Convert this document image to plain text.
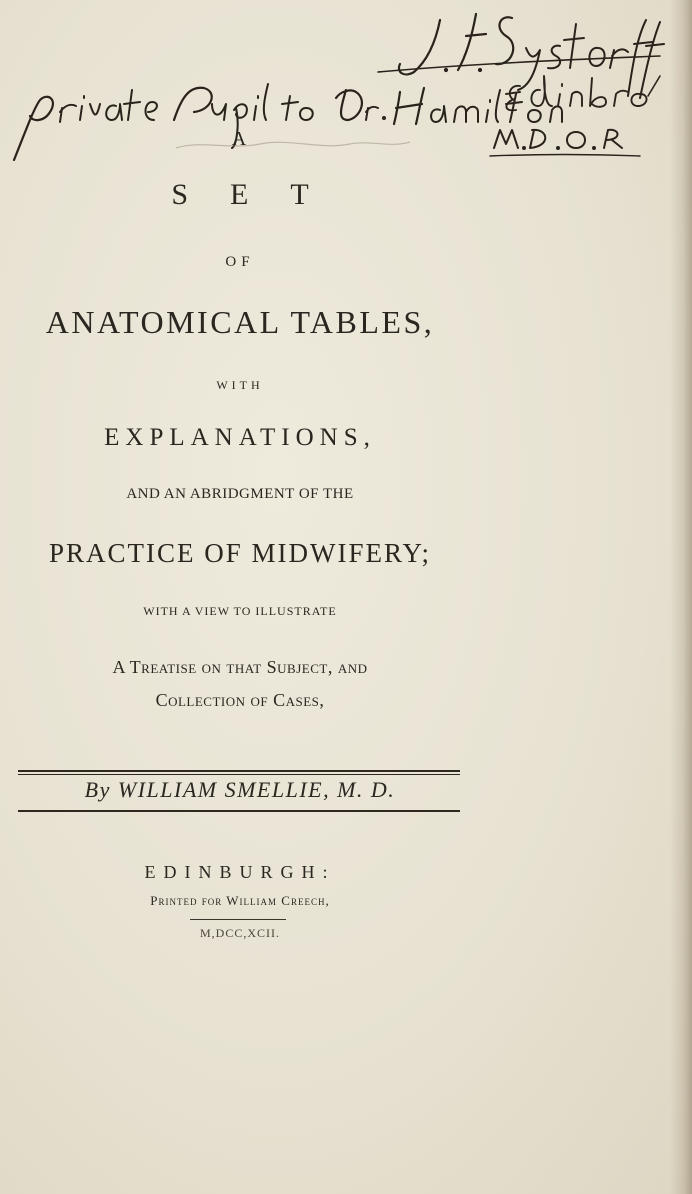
A
SET
OF
ANATOMICAL TABLES,
WITH
EXPLANATIONS,
AND AN ABRIDGMENT OF THE
PRACTICE OF MIDWIFERY;
WITH A VIEW TO ILLUSTRATE
A Treatise on that Subject, and
Collection of Cases,
By WILLIAM SMELLIE, M. D.
EDINBURGH:
Printed for William Creech,
M,DCC,XCII.
